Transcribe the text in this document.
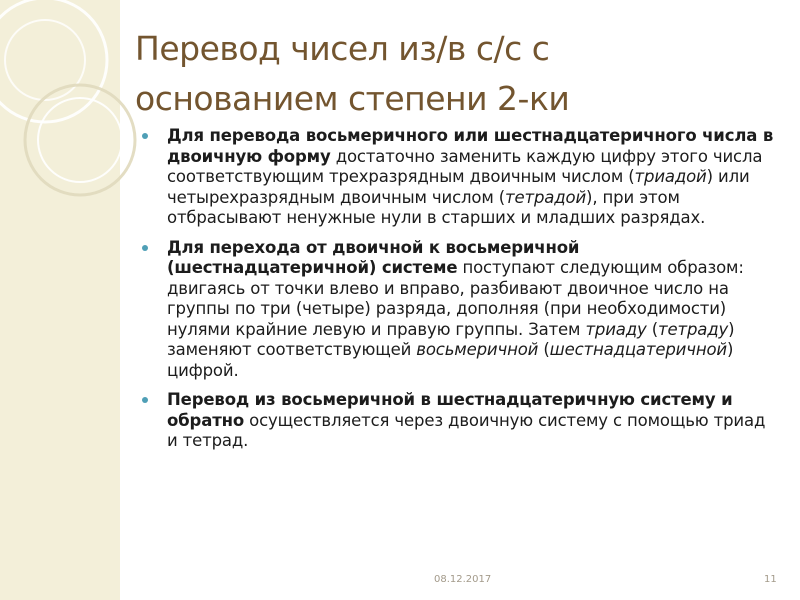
Перевод чисел из/в с/с с
основанием степени 2-ки

Для перевода восьмеричного или шестнадцатеричного числа в двоичную форму достаточно заменить каждую цифру этого числа соответствующим трехразрядным двоичным числом (триадой) или четырехразрядным двоичным числом (тетрадой), при этом отбрасывают ненужные нули в старших и младших разрядах.

Для перехода от двоичной к восьмеричной (шестнадцатеричной) системе поступают следующим образом: двигаясь от точки влево и вправо, разбивают двоичное число на группы по три (четыре) разряда, дополняя (при необходимости) нулями крайние левую и правую группы. Затем триаду (тетраду) заменяют соответствующей восьмеричной (шестнадцатеричной) цифрой.

Перевод из восьмеричной в шестнадцатеричную систему и обратно осуществляется через двоичную систему с помощью триад и тетрад.

08.12.2017	11
